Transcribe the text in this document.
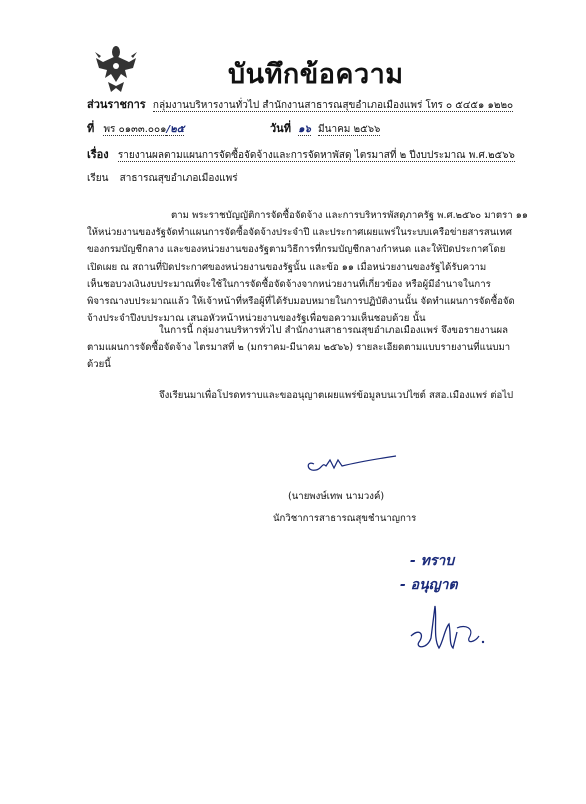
บันทึกข้อความ
ส่วนราชการ กลุ่มงานบริหารงานทั่วไป สำนักงานสาธารณสุขอำเภอเมืองแพร่ โทร ๐ ๕๔๕๑ ๑๒๒๐
ที่ พร ๐๑๓๓.๐๐๑/๒๕	วันที่ ๑๖ มีนาคม ๒๕๖๖
เรื่อง รายงานผลตามแผนการจัดซื้อจัดจ้างและการจัดหาพัสดุ ไตรมาสที่ ๒ ปีงบประมาณ พ.ศ.๒๕๖๖
เรียน สาธารณสุขอำเภอเมืองแพร่
ตาม พระราชบัญญัติการจัดซื้อจัดจ้าง และการบริหารพัสดุภาครัฐ พ.ศ.๒๕๖๐ มาตรา ๑๑
ให้หน่วยงานของรัฐจัดทำแผนการจัดซื้อจัดจ้างประจำปี และประกาศเผยแพร่ในระบบเครือข่ายสารสนเทศ
ของกรมบัญชีกลาง และของหน่วยงานของรัฐตามวิธีการที่กรมบัญชีกลางกำหนด และให้ปิดประกาศโดย
เปิดเผย ณ สถานที่ปิดประกาศของหน่วยงานของรัฐนั้น และข้อ ๑๑ เมื่อหน่วยงานของรัฐได้รับความ
เห็นชอบวงเงินงบประมาณที่จะใช้ในการจัดซื้อจัดจ้างจากหน่วยงานที่เกี่ยวข้อง หรือผู้มีอำนาจในการ
พิจารณางบประมาณแล้ว ให้เจ้าหน้าที่หรือผู้ที่ได้รับมอบหมายในการปฏิบัติงานนั้น จัดทำแผนการจัดซื้อจัด
จ้างประจำปีงบประมาณ เสนอหัวหน้าหน่วยงานของรัฐเพื่อขอความเห็นชอบด้วย นั้น
ในการนี้ กลุ่มงานบริหารทั่วไป สำนักงานสาธารณสุขอำเภอเมืองแพร่ จึงขอรายงานผล
ตามแผนการจัดซื้อจัดจ้าง ไตรมาสที่ ๒ (มกราคม-มีนาคม ๒๕๖๖) รายละเอียดตามแบบรายงานที่แนบมา
ด้วยนี้
จึงเรียนมาเพื่อโปรดทราบและขออนุญาตเผยแพร่ข้อมูลบนเวปไซต์ สสอ.เมืองแพร่ ต่อไป
(นายพงษ์เทพ นามวงค์)
นักวิชาการสาธารณสุขชำนาญการ
- ทราบ
- อนุญาต
